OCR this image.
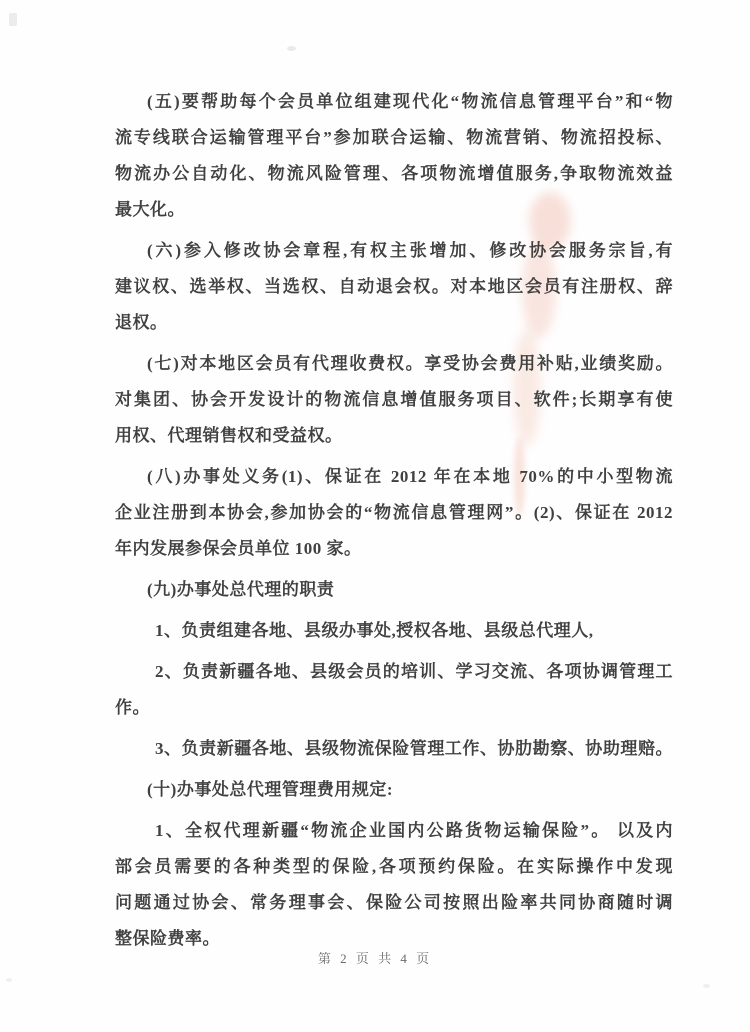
(五)要帮助每个会员单位组建现代化“物流信息管理平台”和“物
流专线联合运输管理平台”参加联合运输、物流营销、物流招投标、
物流办公自动化、物流风险管理、各项物流增值服务,争取物流效益
最大化。
(六)参入修改协会章程,有权主张增加、修改协会服务宗旨,有
建议权、选举权、当选权、自动退会权。对本地区会员有注册权、辞
退权。
(七)对本地区会员有代理收费权。享受协会费用补贴,业绩奖励。
对集团、协会开发设计的物流信息增值服务项目、软件;长期享有使
用权、代理销售权和受益权。
(八)办事处义务(1)、保证在 2012 年在本地 70%的中小型物流
企业注册到本协会,参加协会的“物流信息管理网”。(2)、保证在 2012
年内发展参保会员单位 100 家。
(九)办事处总代理的职责
1、负责组建各地、县级办事处,授权各地、县级总代理人,
2、负责新疆各地、县级会员的培训、学习交流、各项协调管理工
作。
3、负责新疆各地、县级物流保险管理工作、协肋勘察、协助理赔。
(十)办事处总代理管理费用规定:
1、全权代理新疆“物流企业国内公路货物运输保险”。 以及内
部会员需要的各种类型的保险,各项预约保险。在实际操作中发现
问题通过协会、常务理事会、保险公司按照出险率共同协商随时调
整保险费率。
第 2 页 共 4 页
